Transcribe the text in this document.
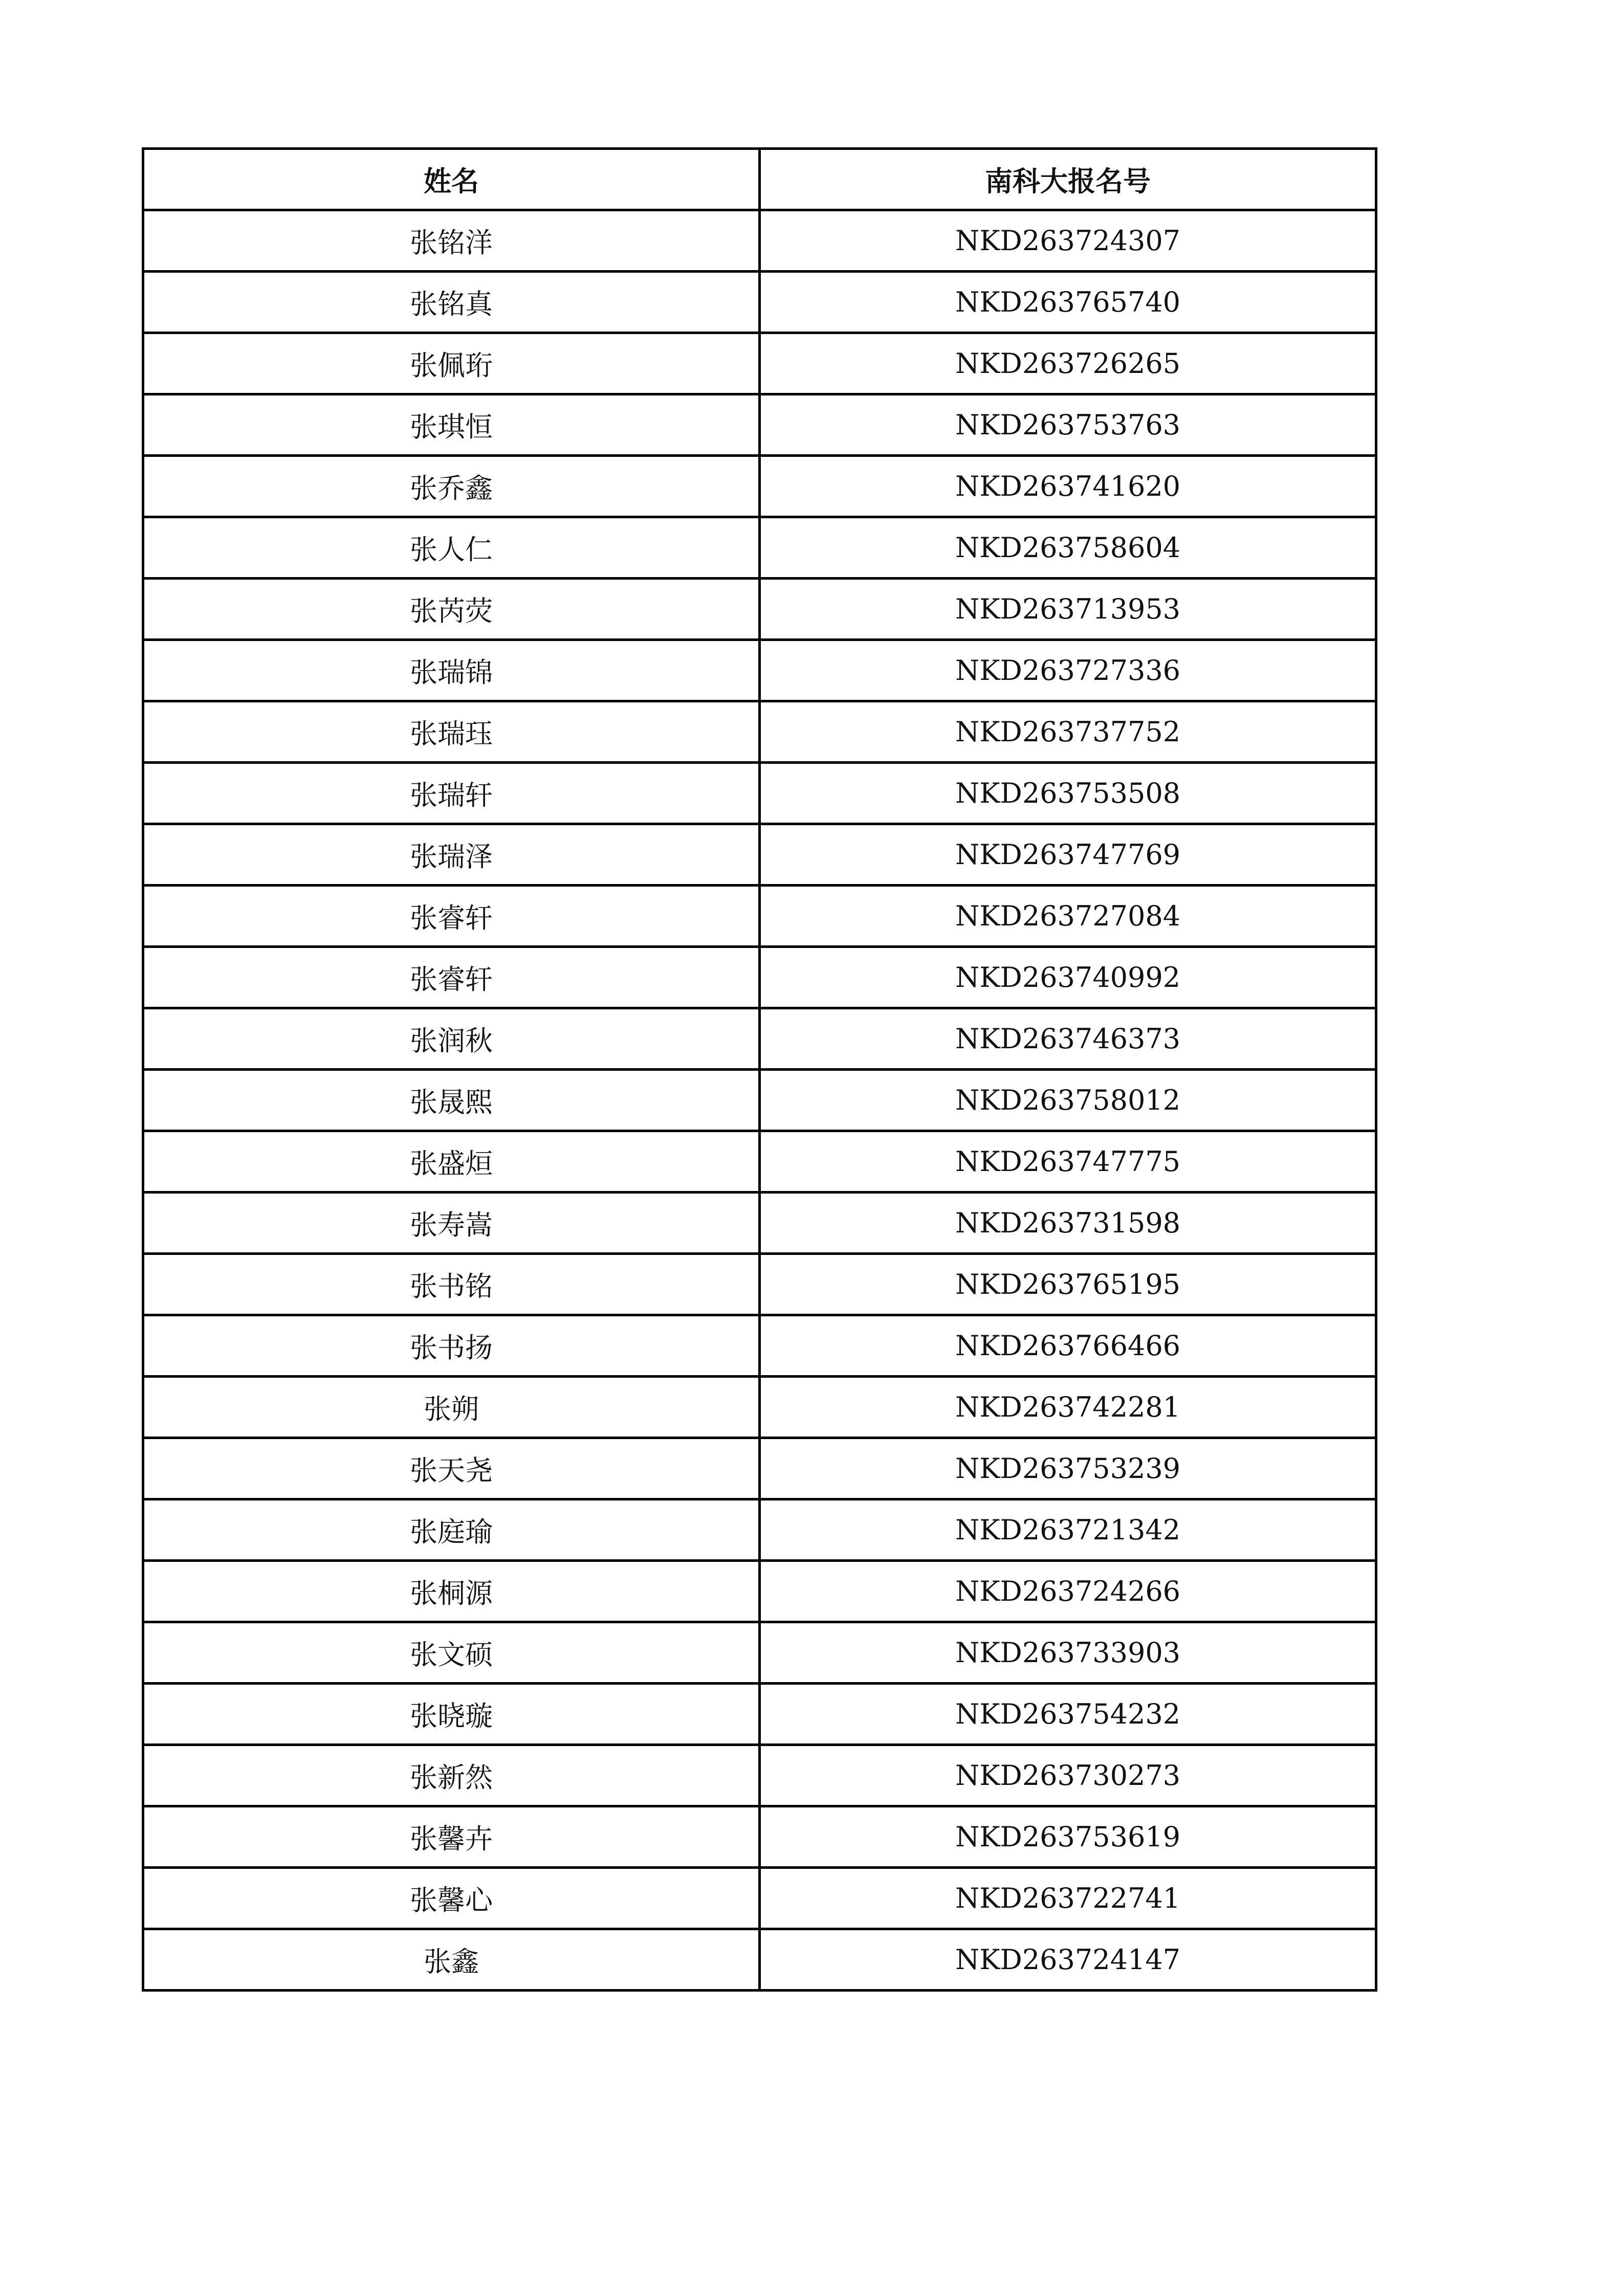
姓名	南科大报名号
张铭洋	NKD263724307
张铭真	NKD263765740
张佩珩	NKD263726265
张琪恒	NKD263753763
张乔鑫	NKD263741620
张人仁	NKD263758604
张芮荧	NKD263713953
张瑞锦	NKD263727336
张瑞珏	NKD263737752
张瑞轩	NKD263753508
张瑞泽	NKD263747769
张睿轩	NKD263727084
张睿轩	NKD263740992
张润秋	NKD263746373
张晟熙	NKD263758012
张盛烜	NKD263747775
张寿嵩	NKD263731598
张书铭	NKD263765195
张书扬	NKD263766466
张朔	NKD263742281
张天尧	NKD263753239
张庭瑜	NKD263721342
张桐源	NKD263724266
张文硕	NKD263733903
张晓璇	NKD263754232
张新然	NKD263730273
张馨卉	NKD263753619
张馨心	NKD263722741
张鑫	NKD263724147
